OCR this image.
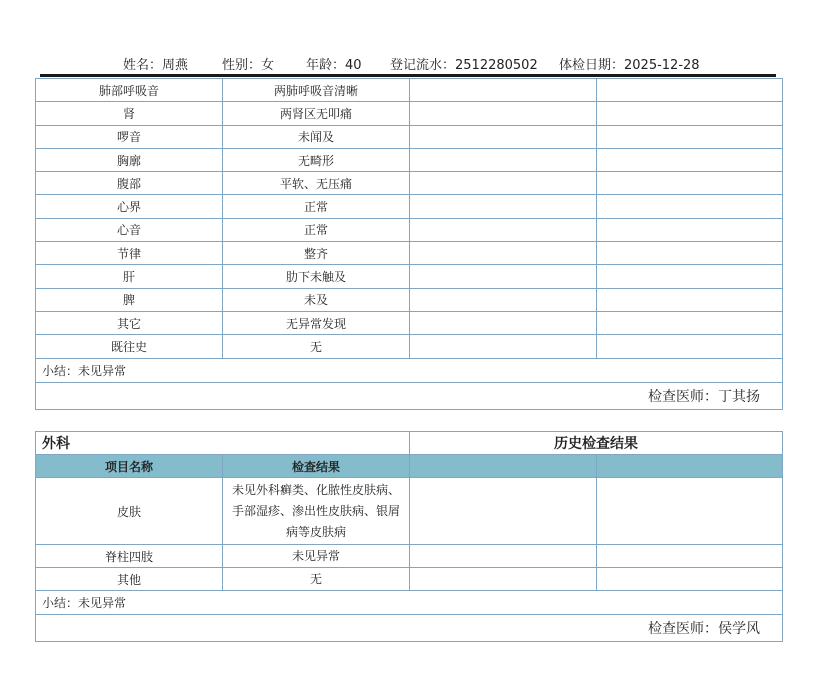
姓名：周燕	性别：女 年龄：40 登记流水：2512280502 体检日期：2025-12-28
肺部呼吸音	两肺呼吸音清晰		
肾	两肾区无叩痛		
啰音	未闻及		
胸廓	无畸形		
腹部	平软、无压痛		
心界	正常		
心音	正常		
节律	整齐		
肝	肋下未触及		
脾	未及		
其它	无异常发现		
既往史	无		
小结：未见异常			
检查医师：丁其扬			
外科		历史检查结果	
项目名称	检查结果		
皮肤	未见外科癣类、化脓性皮肤病、手部湿疹、渗出性皮肤病、银屑病等皮肤病		

脊柱四肢	未见异常		

其他	无		

小结：未见异常			
检查医师：侯学风			
